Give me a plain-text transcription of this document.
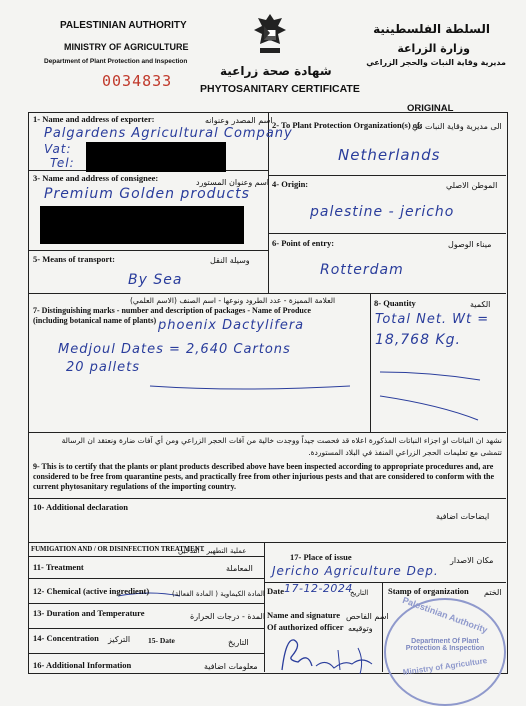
PALESTINIAN AUTHORITY
MINISTRY OF AGRICULTURE
Department of Plant Protection and Inspection
السلطة الفلسطينية
وزارة الزراعة
مديرية وقاية النبات والحجر الزراعي
0034833
شهادة صحة زراعية
PHYTOSANITARY CERTIFICATE
ORIGINAL
1- Name and address of exporter:	اسم المصدر وعنوانه
Palgardens Agricultural Company
Vat:
Tel:
2- To Plant Protection Organization(s) of:
الى مديرية وقاية النبات في
Netherlands
3- Name and address of consignee:	اسم وعنوان المستورد
Premium Golden products
4- Origin:	الموطن الاصلي
palestine - jericho
5- Means of transport:	وسيلة النقل
By Sea
6- Point of entry:	ميناء الوصول
Rotterdam
العلامة المميزة - عدد الطرود ونوعها - اسم الصنف (الاسم العلمي)
7- Distinguishing marks - number and description of packages - Name of Produce (including botanical name of plants) phoenix Dactylifera
Medjoul Dates = 2,640 Cartons
20 pallets
8- Quantity	الكمية
Total Net. Wt =
18,768 Kg.
نشهد ان النباتات او اجزاء النباتات المذكورة اعلاه قد فحصت جيداً ووجدت خالية من آفات الحجر الزراعي ومن أي آفات ضارة ونعتقد ان الرسالة
تتمشى مع تعليمات الحجر الزراعي المنفذ في البلاد المستوردة.
9- This is to certify that the plants or plant products described above have been inspected according to appropriate procedures and, are considered to be free from quarantine pests, and practically free from other injurious pests and that are considered to conform with the current phytosanitary regulations of the importing country.
10- Additional declaration
ايضاحات اضافية
FUMIGATION AND / OR DISINFECTION TREATMENT
عملية التطهير - التدخين
11- Treatment	المعاملة
12- Chemical (active ingredient)	المادة الكيماوية ( المادة الفعالة)
13- Duration and Temperature	المدة - درجات الحرارة
14- Concentration التركيز 15- Date	التاريخ
16- Additional Information	معلومات اضافية
17- Place of issue	مكان الاصدار
Jericho Agriculture Dep.
Date 17-12-2024
التاريخ Stamp of organization الختم
Name and signature
Of authorized officer
اسم الفاحص
وتوقيعه	Palestinian Authority
Department Of Plant
Protection & Inspection
Ministry of Agriculture
